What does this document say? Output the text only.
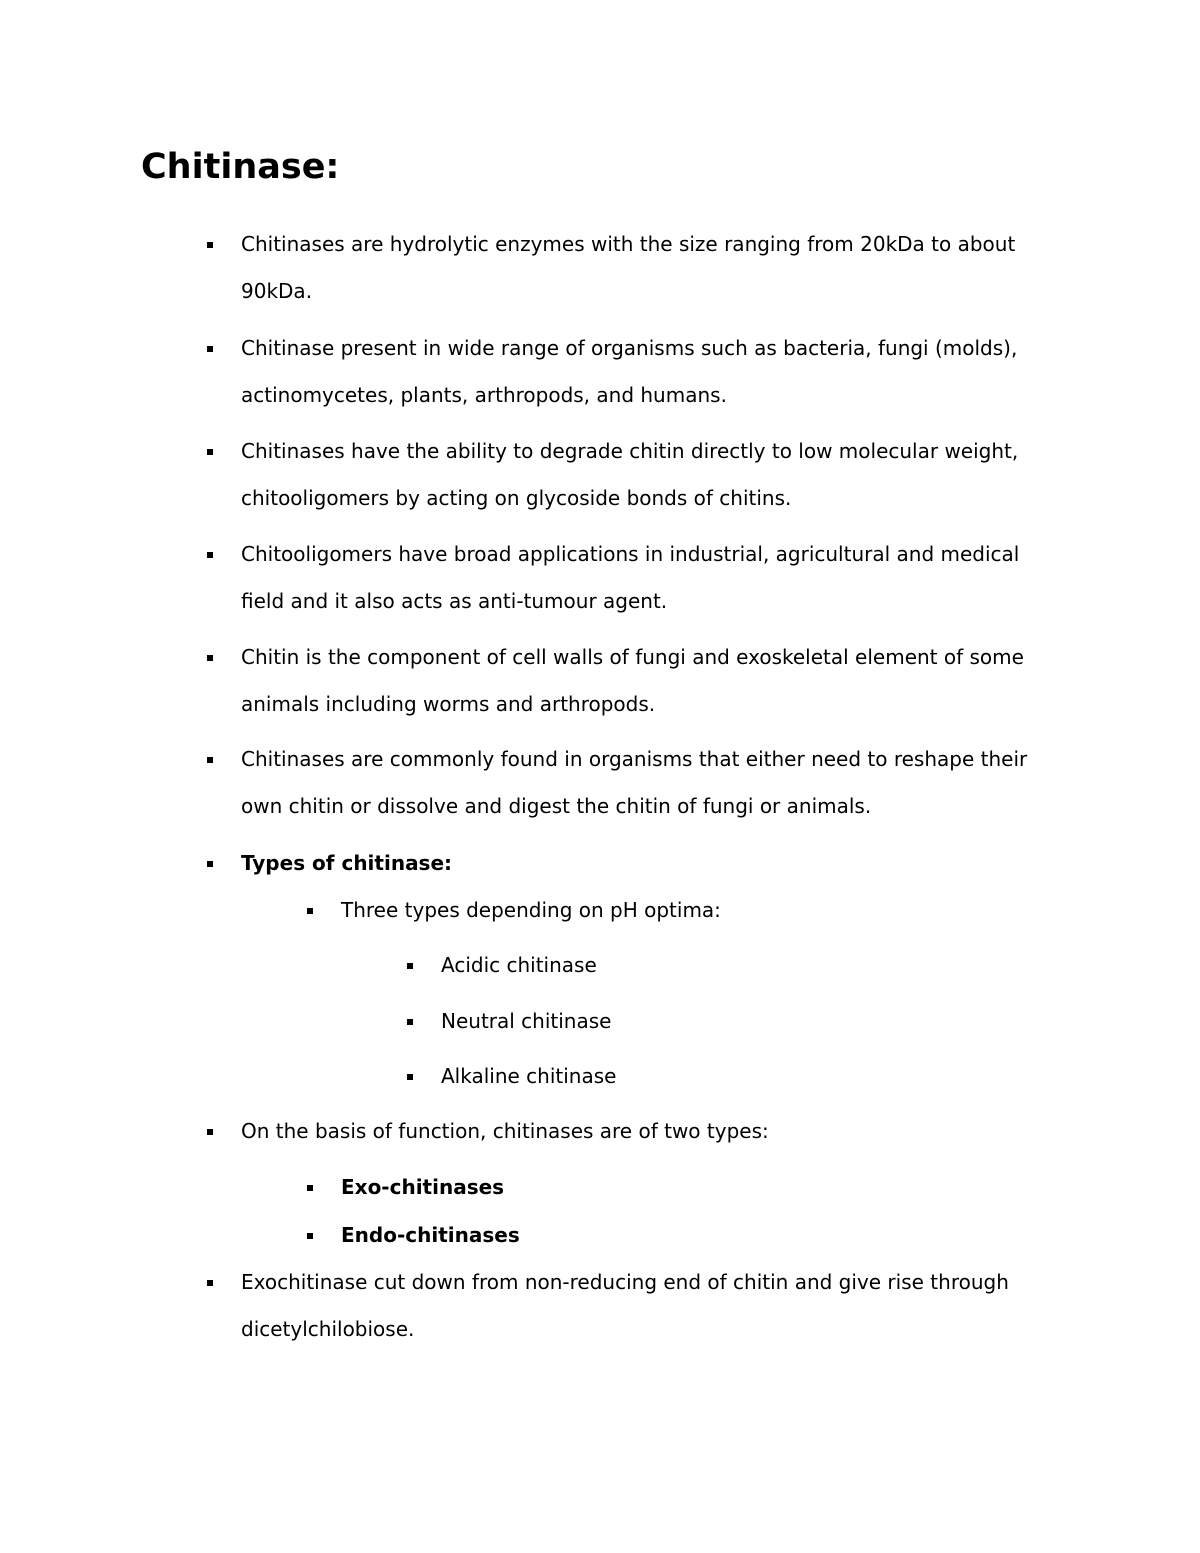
Chitinase:
Chitinases are hydrolytic enzymes with the size ranging from 20kDa to about
90kDa.
Chitinase present in wide range of organisms such as bacteria, fungi (molds),
actinomycetes, plants, arthropods, and humans.
Chitinases have the ability to degrade chitin directly to low molecular weight,
chitooligomers by acting on glycoside bonds of chitins.
Chitooligomers have broad applications in industrial, agricultural and medical
field and it also acts as anti-tumour agent.
Chitin is the component of cell walls of fungi and exoskeletal element of some
animals including worms and arthropods.
Chitinases are commonly found in organisms that either need to reshape their
own chitin or dissolve and digest the chitin of fungi or animals.
Types of chitinase:
Three types depending on pH optima:
Acidic chitinase
Neutral chitinase
Alkaline chitinase
On the basis of function, chitinases are of two types:
Exo-chitinases
Endo-chitinases
Exochitinase cut down from non-reducing end of chitin and give rise through
dicetylchilobiose.
